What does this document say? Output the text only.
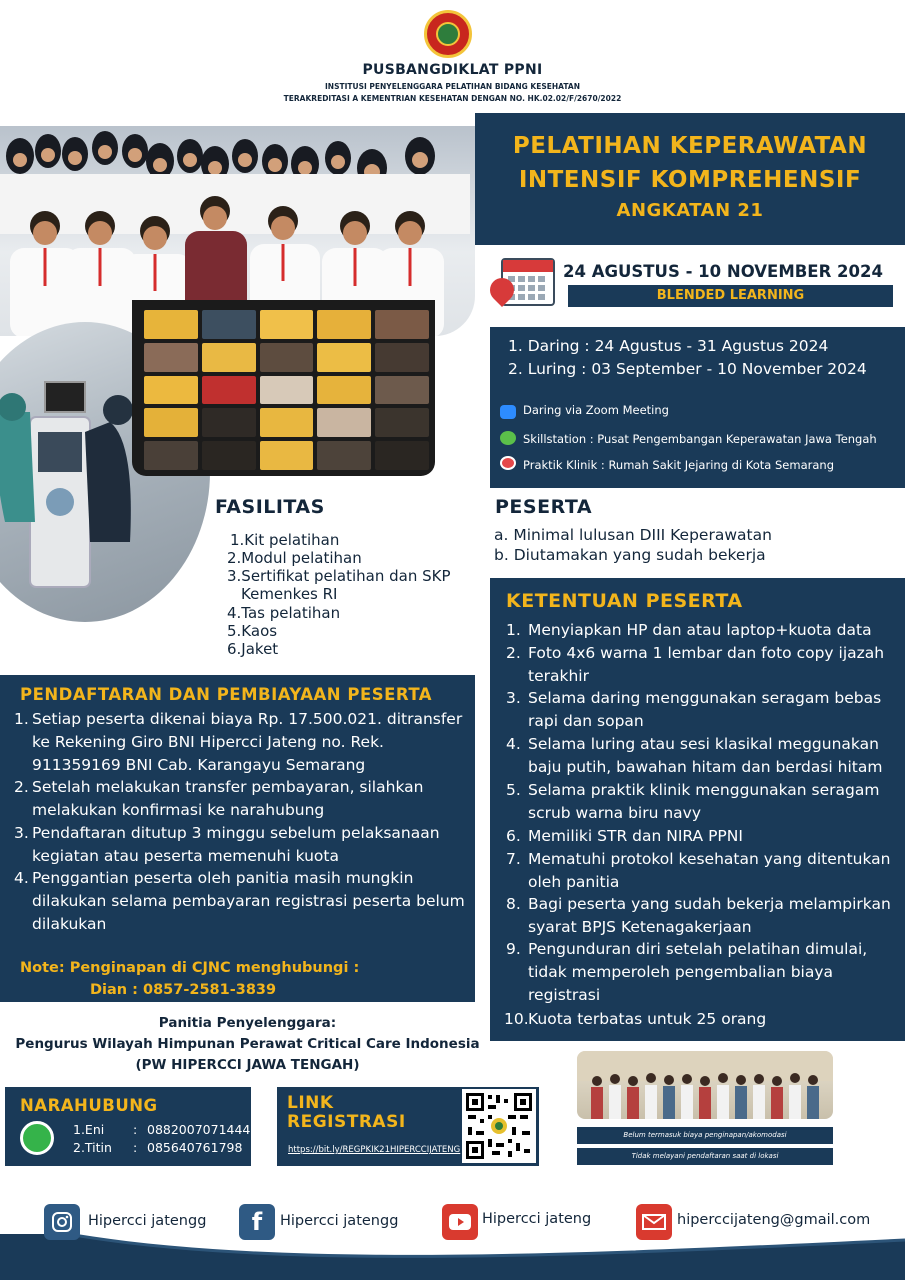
PUSBANGDIKLAT PPNI
INSTITUSI PENYELENGGARA PELATIHAN BIDANG KESEHATAN
TERAKREDITASI A KEMENTRIAN KESEHATAN DENGAN NO. HK.02.02/F/2670/2022
PELATIHAN KEPERAWATAN
INTENSIF KOMPREHENSIF
ANGKATAN 21
24 AGUSTUS - 10 NOVEMBER 2024
BLENDED LEARNING
1. Daring : 24 Agustus - 31 Agustus 2024
2. Luring : 03 September - 10 November 2024
Daring via Zoom Meeting
Skillstation : Pusat Pengembangan Keperawatan Jawa Tengah
Praktik Klinik : Rumah Sakit Jejaring di Kota Semarang
FASILITAS
1.Kit pelatihan
2.Modul pelatihan
3.Sertifikat pelatihan dan SKP
Kemenkes RI
4.Tas pelatihan
5.Kaos
6.Jaket
PESERTA
a. Minimal lulusan DIII Keperawatan
b. Diutamakan yang sudah bekerja
KETENTUAN PESERTA
1. Menyiapkan HP dan atau laptop+kuota data
2. Foto 4x6 warna 1 lembar dan foto copy ijazah terakhir
3. Selama daring menggunakan seragam bebas rapi dan sopan
4. Selama luring atau sesi klasikal meggunakan baju putih, bawahan hitam dan berdasi hitam
5. Selama praktik klinik menggunakan seragam scrub warna biru navy
6. Memiliki STR dan NIRA PPNI
7. Mematuhi protokol kesehatan yang ditentukan oleh panitia
8. Bagi peserta yang sudah bekerja melampirkan syarat BPJS Ketenagakerjaan
9. Pengunduran diri setelah pelatihan dimulai, tidak memperoleh pengembalian biaya registrasi
10. Kuota terbatas untuk 25 orang
PENDAFTARAN DAN PEMBIAYAAN PESERTA
1. Setiap peserta dikenai biaya Rp. 17.500.021. ditransfer ke Rekening Giro BNI Hipercci Jateng no. Rek. 911359169 BNI Cab. Karangayu Semarang
2. Setelah melakukan transfer pembayaran, silahkan melakukan konfirmasi ke narahubung
3. Pendaftaran ditutup 3 minggu sebelum pelaksanaan kegiatan atau peserta memenuhi kuota
4. Penggantian peserta oleh panitia masih mungkin dilakukan selama pembayaran registrasi peserta belum dilakukan
Note: Penginapan di CJNC menghubungi :
Dian : 0857-2581-3839
Panitia Penyelenggara:
Pengurus Wilayah Himpunan Perawat Critical Care Indonesia
(PW HIPERCCI JAWA TENGAH)
NARAHUBUNG
1.Eni : 0882007071444
2.Titin : 085640761798
LINK
REGISTRASI
https://bit.ly/REGPKIK21HIPERCCIJATENG
Belum termasuk biaya penginapan/akomodasi
Tidak melayani pendaftaran saat di lokasi
Hipercci jatengg	f	Hipercci jatengg	Hipercci jateng	hiperccijateng@gmail.com
